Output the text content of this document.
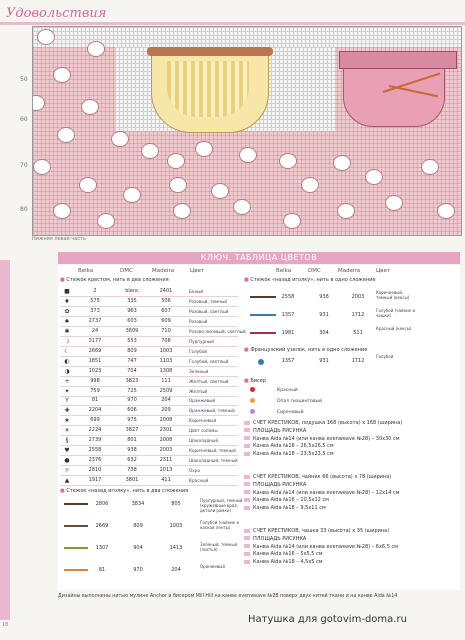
Удовольствия
50
60
70
80
Нижняя левая часть
КЛЮЧ. ТАБЛИЦА ЦВЕТОВ
Belka	DMC	Madeira	Цвет	Belka	DMC	Madeira	Цвет
■ Стежок крестом, нить в два сложения
■	2	blanc	2401	Белый
♦	575	335	506	Розовый, темный
✿	373	963	607	Розовый, светлый
♠	2737	603	609	Розовый
✱	24	3609	710	Розово-лиловый, светлый
☽	3177	553	708	Пурпурный
☾	2669	809	1003	Голубой
◐	1851	747	1103	Голубой, светлый
◑	1023	704	1308	Зеленый
+	998	3823	111	Желтый, светлый
✦	759	725	2509	Желтый
Y	81	970	204	Оранжевый
✚	2204	606	209	Оранжевый, темный
★	699	975	2008	Коричневый
☀	2224	3827	2301	Цвет соломы
§	2739	801	2008	Шоколадный
♥	2558	938	2003	Коричневый, темный
●	2376	632	2311	Шоколадный, темный
☼	2810	738	2013	Охра
▲	1917	3801	411	Красный
■ Стежок «назад иголку», нить в два сложения
2806	3834	805
Пурпурный, темный (кружевные края, детали рамки)
2669	809	1003
Голубой (чайник и каскаи ленты)
1307	904	1413
Зеленый, темный (листья)
81	970	204
Оранжевый
■ Стежок «назад иголку», нить в одно сложение
2558	938	2003
Коричневый, темный (кексы)
1357	931	1712
Голубой (чайник и чашки)
1981	304	511
Красный (кексы)
■ Французский узелок, нить в одно сложение
1357	931	1712
Голубой
■ Бисер
Красный
Опал гиацинтовый
Сиреневый
СЧЕТ КРЕСТИКОВ, подушка 168 (высота) x 168 (ширина)
ПЛОЩАДЬ РИСУНКА
Канва Aida №14 (или канва evenweave №28) – 30x30 см
Канва Aida №16 – 26,5x26,5 см
Канва Aida №18 – 23,5x23,5 см
СЧЕТ КРЕСТИКОВ, чайник 66 (высота) x 78 (ширина)
ПЛОЩАДЬ РИСУНКА
Канва Aida №14 (или канва evenweave №28) – 12x14 см
Канва Aida №16 – 10,5x12 см
Канва Aida №18 – 9,5x11 см
СЧЕТ КРЕСТИКОВ, чашка 33 (высота) x 35 (ширина)
ПЛОЩАДЬ РИСУНКА
Канва Aida №14 (или канва evenweave №28) – 6x6,5 см
Канва Aida №16 – 5x5,5 см
Канва Aida №18 – 4,5x5 см
Дизайны выполнены нитью мулине Anchor и бисером Mill Hill на канве evenweave №28 поверх двух нитей ткани и на канве Aida №14
18	Натушка для gotovim-doma.ru
